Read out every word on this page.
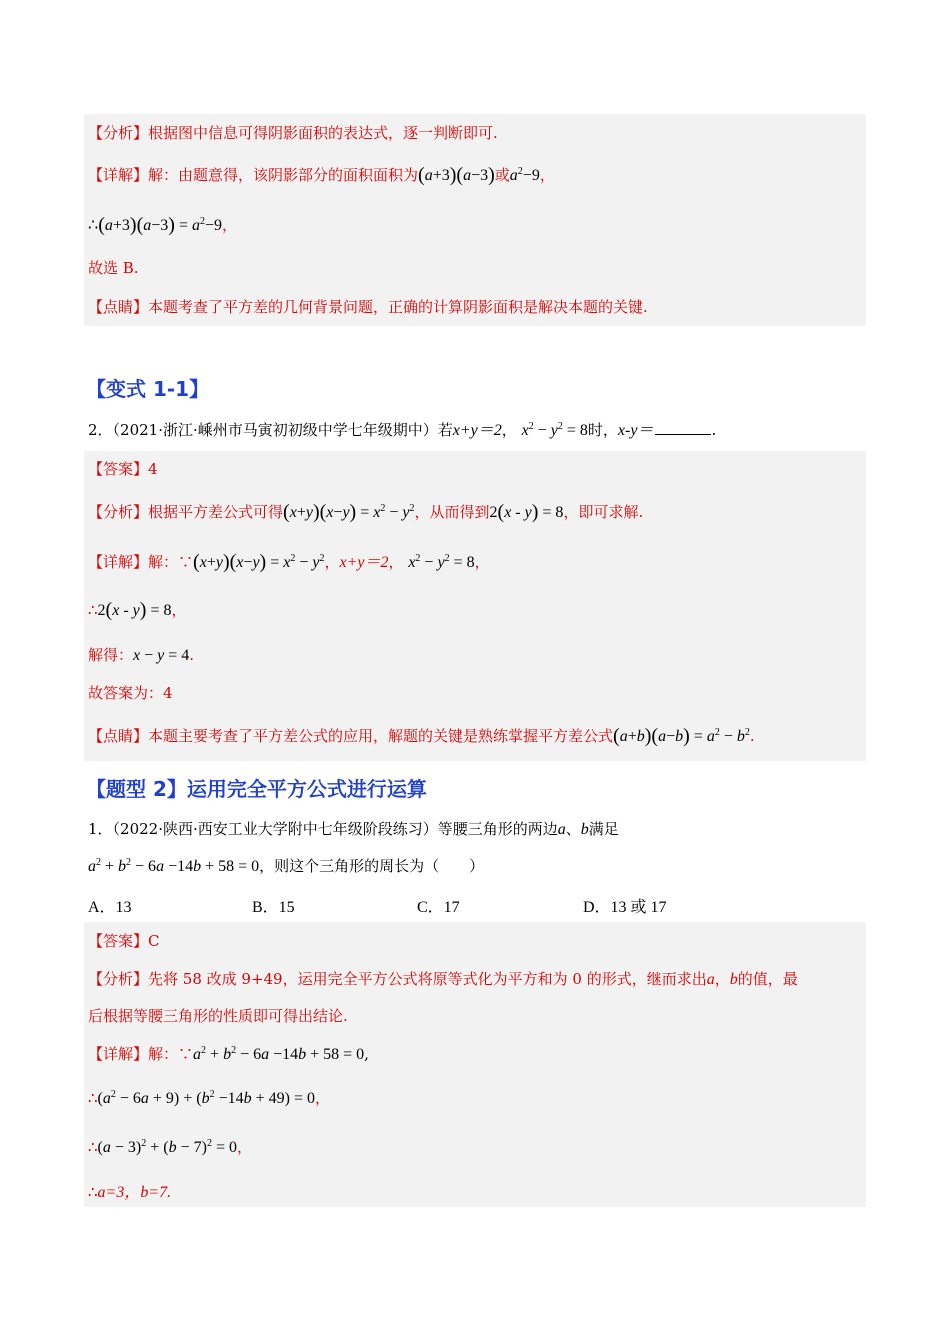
【分析】根据图中信息可得阴影面积的表达式，逐一判断即可.
【详解】解：由题意得，该阴影部分的面积面积为(a+3)(a−3)或$a^2-9$，
∴(a+3)(a−3) = $a^2-9$，
故选 B.
【点睛】本题考查了平方差的几何背景问题，正确的计算阴影面积是解决本题的关键.
【变式 1-1】
2．（2021·浙江·嵊州市马寅初初级中学七年级期中）若x+y＝2， $x^2 - y^2 = 8$时，x-y＝	.
【答案】4
【分析】根据平方差公式可得$(x+y)(x-y) = x^2 - y^2$，从而得到2(x - y) = 8，即可求解.
【详解】解：∵(x+y)(x−y) = $x^2 - y^2$，x+y＝2， $x^2 - y^2 = 8$，
∴2(x - y) = 8，
解得：x − y = 4.
故答案为：4
【点睛】本题主要考查了平方差公式的应用，解题的关键是熟练掌握平方差公式$(a+b)(a-b) = a^2 - b^2$.
【题型 2】运用完全平方公式进行运算
1．（2022·陕西·西安工业大学附中七年级阶段练习）等腰三角形的两边a、b满足
$a^2 + b^2 - 6a -14b + 58 = 0$，则这个三角形的周长为（　　）
A．13	B．15	C．17	D．13 或 17
【答案】C
【分析】先将 58 改成 9+49，运用完全平方公式将原等式化为平方和为 0 的形式，继而求出a，b的值，最
后根据等腰三角形的性质即可得出结论.
【详解】解：$\because a^2 + b^2 - 6a -14b + 58 = 0$,
$\therefore(a^2 - 6a + 9) + (b^2 -14b + 49) = 0$，
∴(a − $3)^2 + (b - 7)^2 = 0$，
∴a=3，b=7.
